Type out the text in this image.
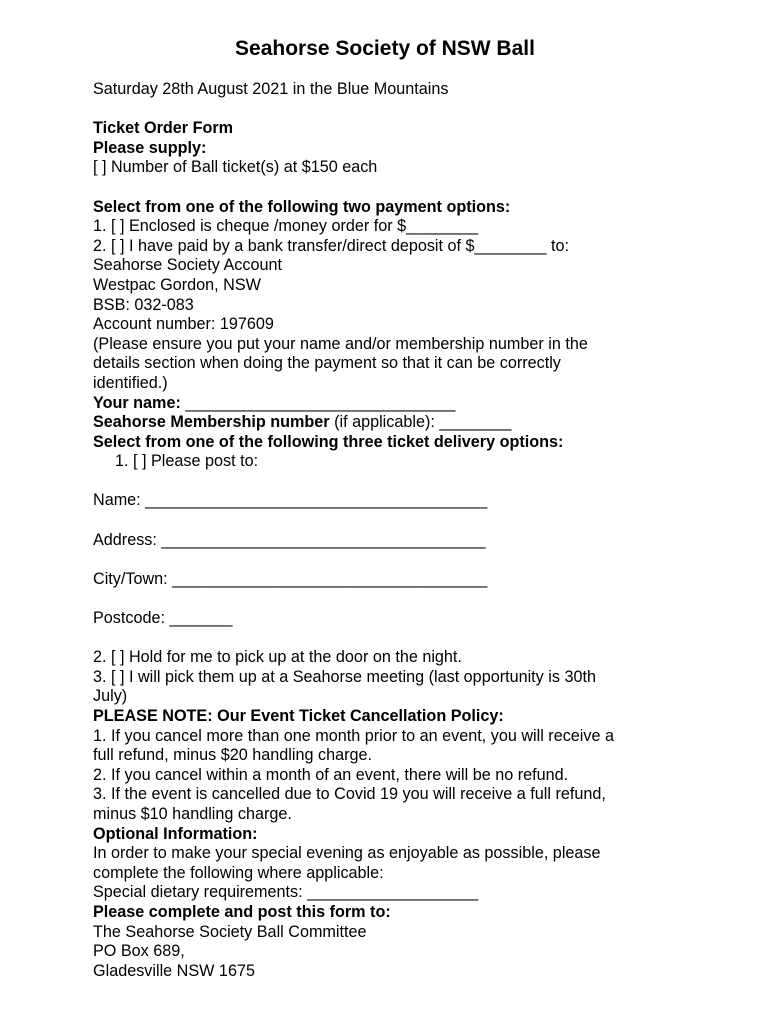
Seahorse Society of NSW Ball
Saturday 28th August 2021 in the Blue Mountains
Ticket Order Form
Please supply:
[ ] Number of Ball ticket(s) at $150 each
Select from one of the following two payment options:
1. [ ] Enclosed is cheque /money order for $________
2. [ ] I have paid by a bank transfer/direct deposit of $________ to:
Seahorse Society Account
Westpac Gordon, NSW
BSB: 032-083
Account number: 197609
(Please ensure you put your name and/or membership number in the
details section when doing the payment so that it can be correctly
identified.)
Your name: ______________________________
Seahorse Membership number (if applicable): ________
Select from one of the following three ticket delivery options:
1. [ ] Please post to:
Name: ______________________________________
Address: ____________________________________
City/Town: ___________________________________
Postcode: _______
2. [ ] Hold for me to pick up at the door on the night.
3. [ ] I will pick them up at a Seahorse meeting (last opportunity is 30th
July)
PLEASE NOTE: Our Event Ticket Cancellation Policy:
1. If you cancel more than one month prior to an event, you will receive a
full refund, minus $20 handling charge.
2. If you cancel within a month of an event, there will be no refund.
3. If the event is cancelled due to Covid 19 you will receive a full refund,
minus $10 handling charge.
Optional Information:
In order to make your special evening as enjoyable as possible, please
complete the following where applicable:
Special dietary requirements: ___________________
Please complete and post this form to:
The Seahorse Society Ball Committee
PO Box 689,
Gladesville NSW 1675
